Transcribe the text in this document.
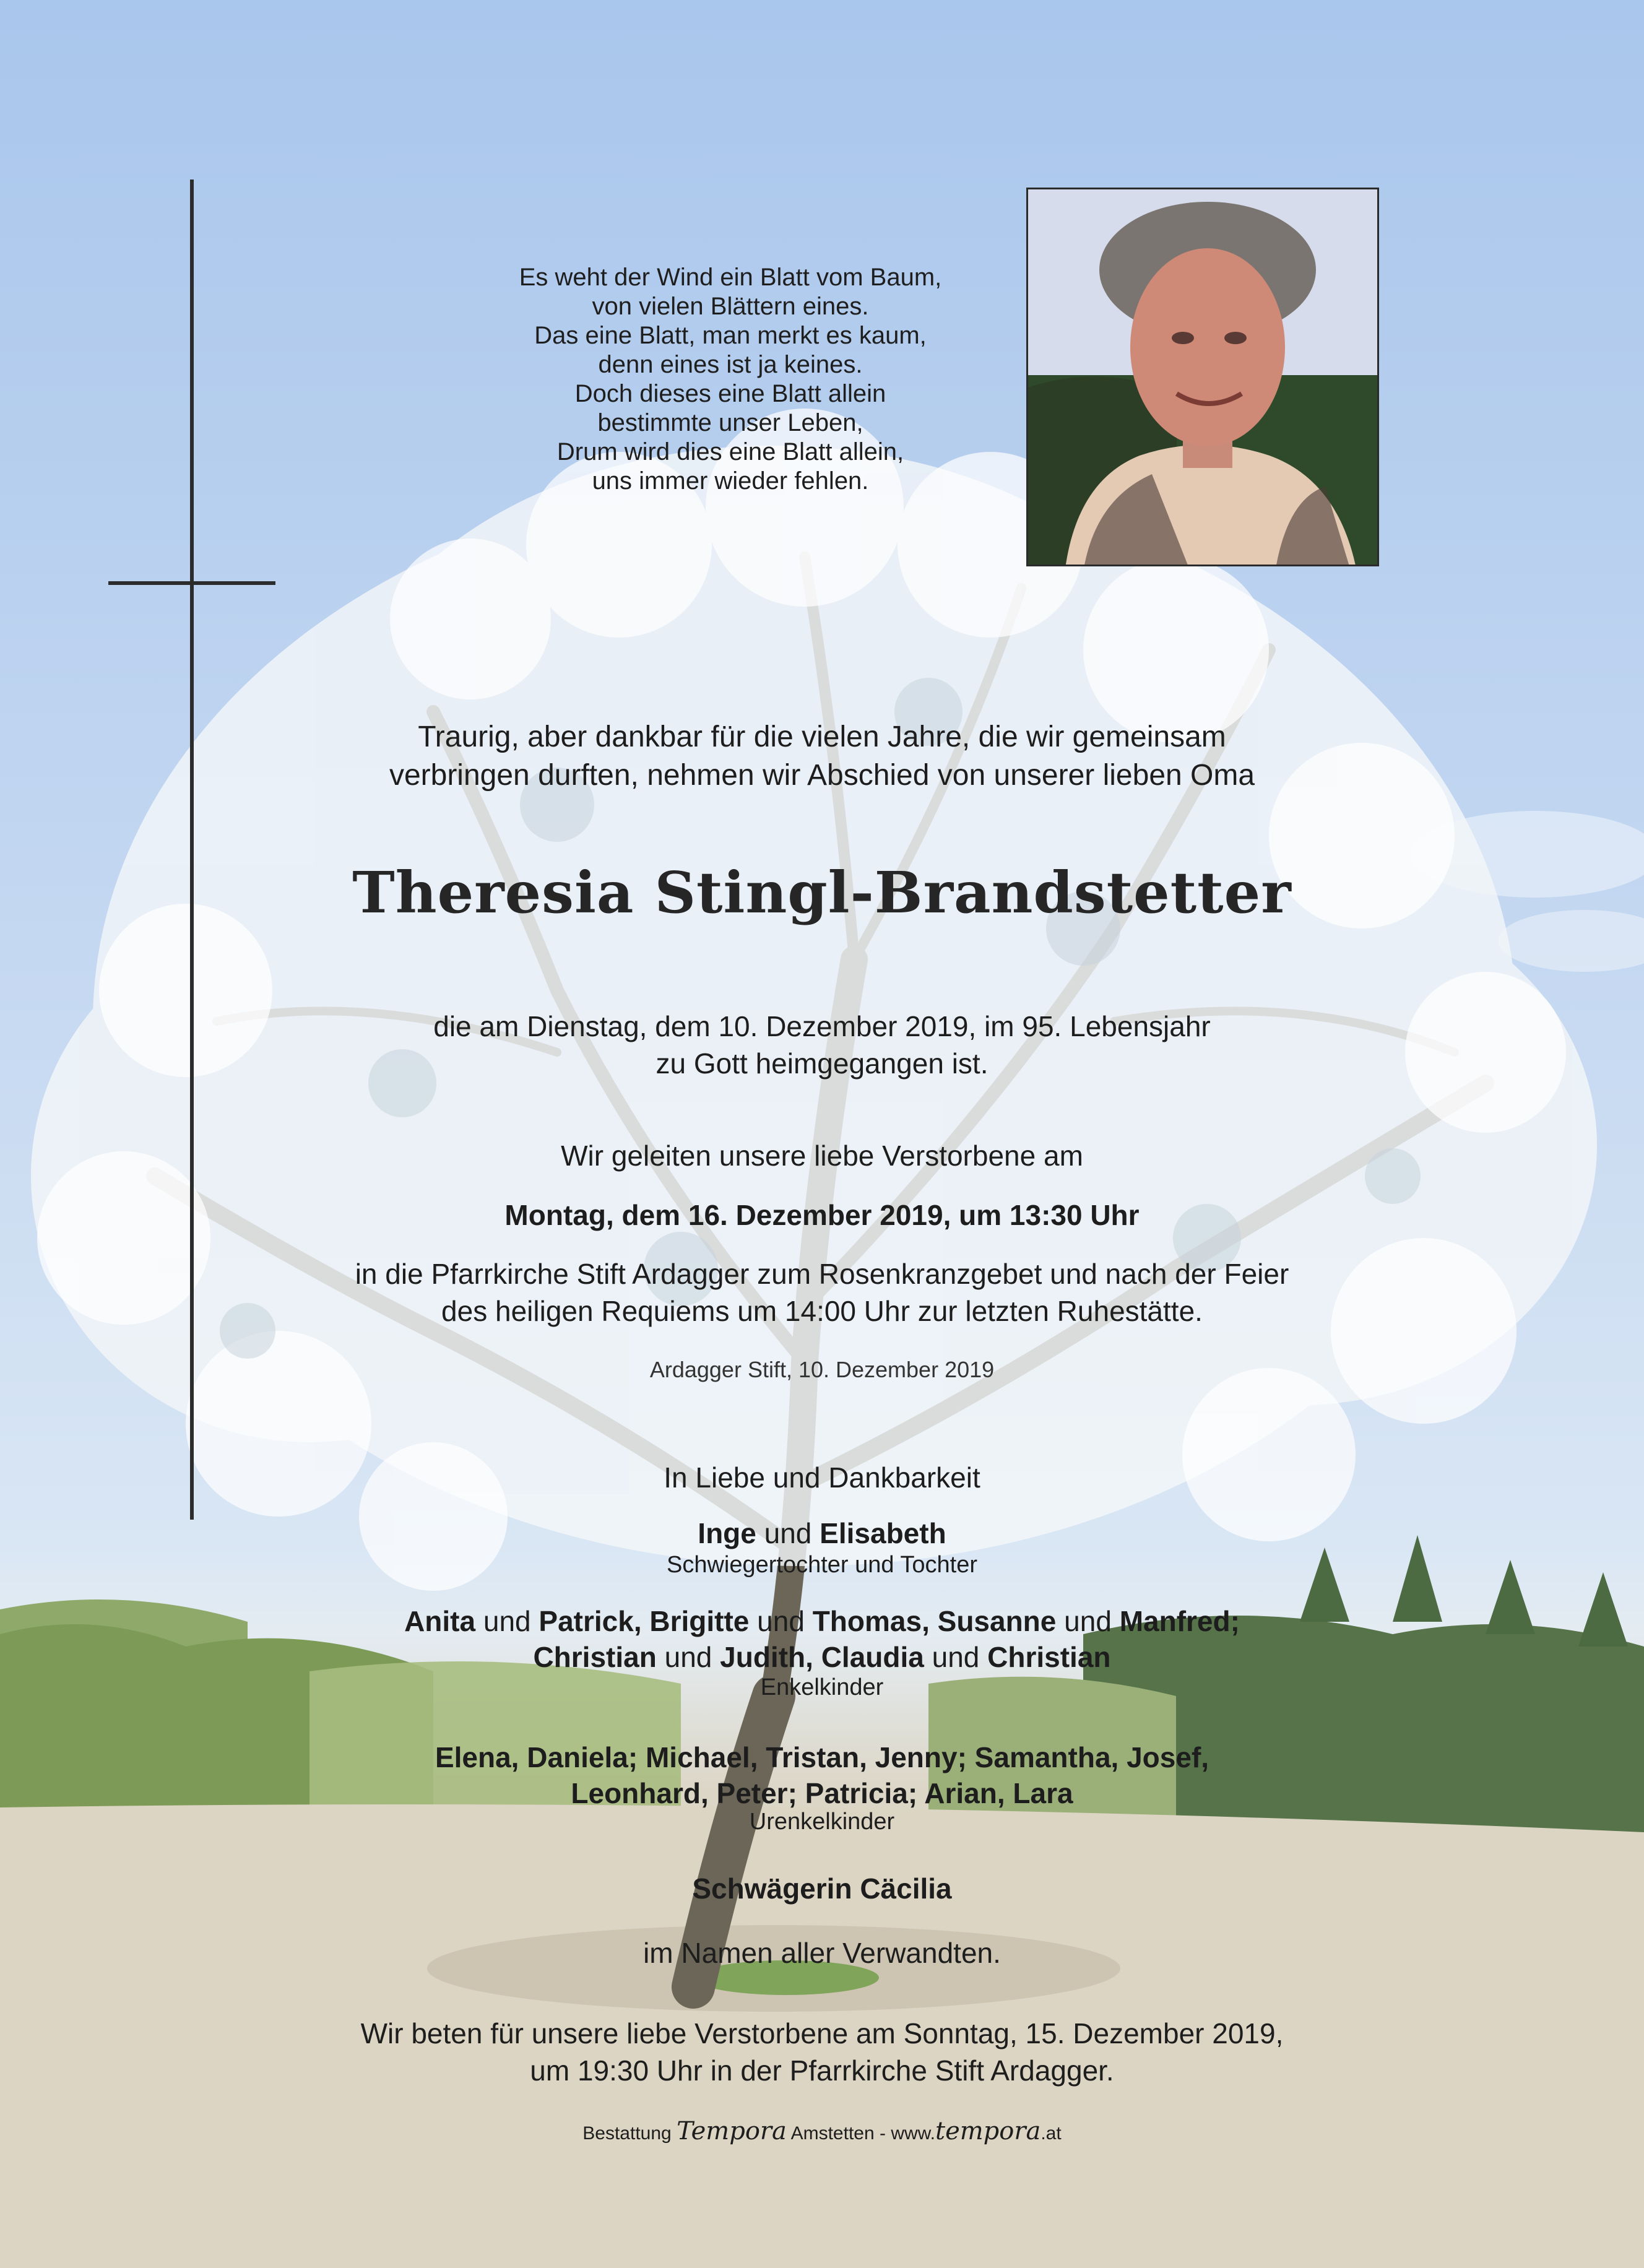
Es weht der Wind ein Blatt vom Baum,
von vielen Blättern eines.
Das eine Blatt, man merkt es kaum,
denn eines ist ja keines.
Doch dieses eine Blatt allein
bestimmte unser Leben,
Drum wird dies eine Blatt allein,
uns immer wieder fehlen.
Traurig, aber dankbar für die vielen Jahre, die wir gemeinsam
verbringen durften, nehmen wir Abschied von unserer lieben Oma
Theresia Stingl-Brandstetter
die am Dienstag, dem 10. Dezember 2019, im 95. Lebensjahr
zu Gott heimgegangen ist.
Wir geleiten unsere liebe Verstorbene am
Montag, dem 16. Dezember 2019, um 13:30 Uhr
in die Pfarrkirche Stift Ardagger zum Rosenkranzgebet und nach der Feier
des heiligen Requiems um 14:00 Uhr zur letzten Ruhestätte.
Ardagger Stift, 10. Dezember 2019
In Liebe und Dankbarkeit
Inge und Elisabeth
Schwiegertochter und Tochter
Anita und Patrick, Brigitte und Thomas, Susanne und Manfred;
Christian und Judith, Claudia und Christian
Enkelkinder
Elena, Daniela; Michael, Tristan, Jenny; Samantha, Josef,
Leonhard, Peter; Patricia; Arian, Lara
Urenkelkinder
Schwägerin Cäcilia
im Namen aller Verwandten.
Wir beten für unsere liebe Verstorbene am Sonntag, 15. Dezember 2019,
um 19:30 Uhr in der Pfarrkirche Stift Ardagger.
Bestattung Tempora Amstetten - www.tempora.at
